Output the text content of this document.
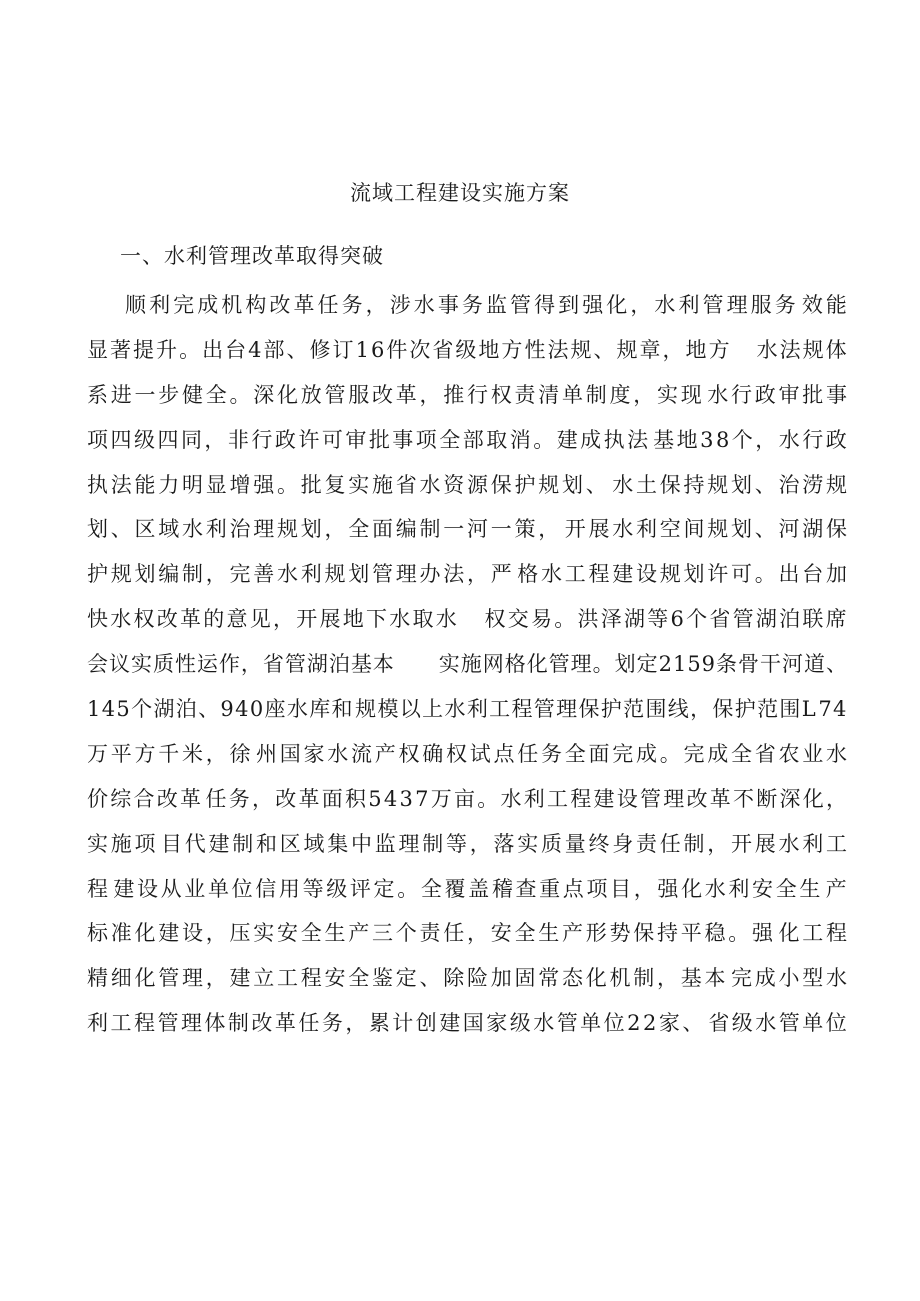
流域工程建设实施方案
一、水利管理改革取得突破
顺 利 完 成 机 构 改 革 任 务 ， 涉 水 事 务 监 管 得 到 强 化 ， 水 利 管 理 服 务 效 能
显 著 提 升 。 出 台 4 部 、 修 订 1 6 件 次 省 级 地 方 性 法 规 、 规 章 ， 地 方
　 水 法 规 体
系 进 一 步 健 全 。 深 化 放 管 服 改 革 ， 推 行 权 责 清 单 制 度 ， 实 现 水 行 政 审 批 事
项 四 级 四 同 ， 非 行 政 许 可 审 批 事 项 全 部 取 消 。 建 成 执 法 基 地 3 8 个 ， 水 行 政
执 法 能 力 明 显 增 强 。 批 复 实 施 省 水 资 源 保 护 规 划 、 水 土 保 持 规 划 、 治 涝 规
划 、 区 域 水 利 治 理 规 划 ， 全 面 编 制 一 河 一 策 ， 开 展 水 利 空 间 规 划 、 河 湖 保
护 规 划 编 制 ， 完 善 水 利 规 划 管 理 办 法 ， 严 格 水 工 程 建 设 规 划 许 可 。 出 台 加
快 水 权 改 革 的 意 见 ， 开 展 地 下 水 取 水
　 权 交 易 。 洪 泽 湖 等 6 个 省 管 湖 泊 联 席
会 议 实 质 性 运 作 ， 省 管 湖 泊 基 本

　 实 施 网 格 化 管 理 。 划 定 2 1 5 9 条 骨 干 河 道 、
1 4 5 个 湖 泊 、 9 4 0 座 水 库 和 规 模 以 上 水 利 工 程 管 理 保 护 范 围 线 ， 保 护 范 围 L 7 4
万 平 方 千 米 ， 徐 州 国 家 水 流 产 权 确 权 试 点 任 务 全 面 完 成 。 完 成 全 省 农 业 水
价 综 合 改 革 任 务 ， 改 革 面 积 5 4 3 7 万 亩 。 水 利 工 程 建 设 管 理 改 革 不 断 深 化 ，
实 施 项 目 代 建 制 和 区 域 集 中 监 理 制 等 ， 落 实 质 量 终 身 责 任 制 ， 开 展 水 利 工
程 建 设 从 业 单 位 信 用 等 级 评 定 。 全 覆 盖 稽 查 重 点 项 目 ， 强 化 水 利 安 全 生 产
标 准 化 建 设 ， 压 实 安 全 生 产 三 个 责 任 ， 安 全 生 产 形 势 保 持 平 稳 。 强 化 工 程
精 细 化 管 理 ， 建 立 工 程 安 全 鉴 定 、 除 险 加 固 常 态 化 机 制 ， 基 本 完 成 小 型 水
利 工 程 管 理 体 制 改 革 任 务 ， 累 计 创 建 国 家 级 水 管 单 位 2 2 家 、 省 级 水 管 单 位
